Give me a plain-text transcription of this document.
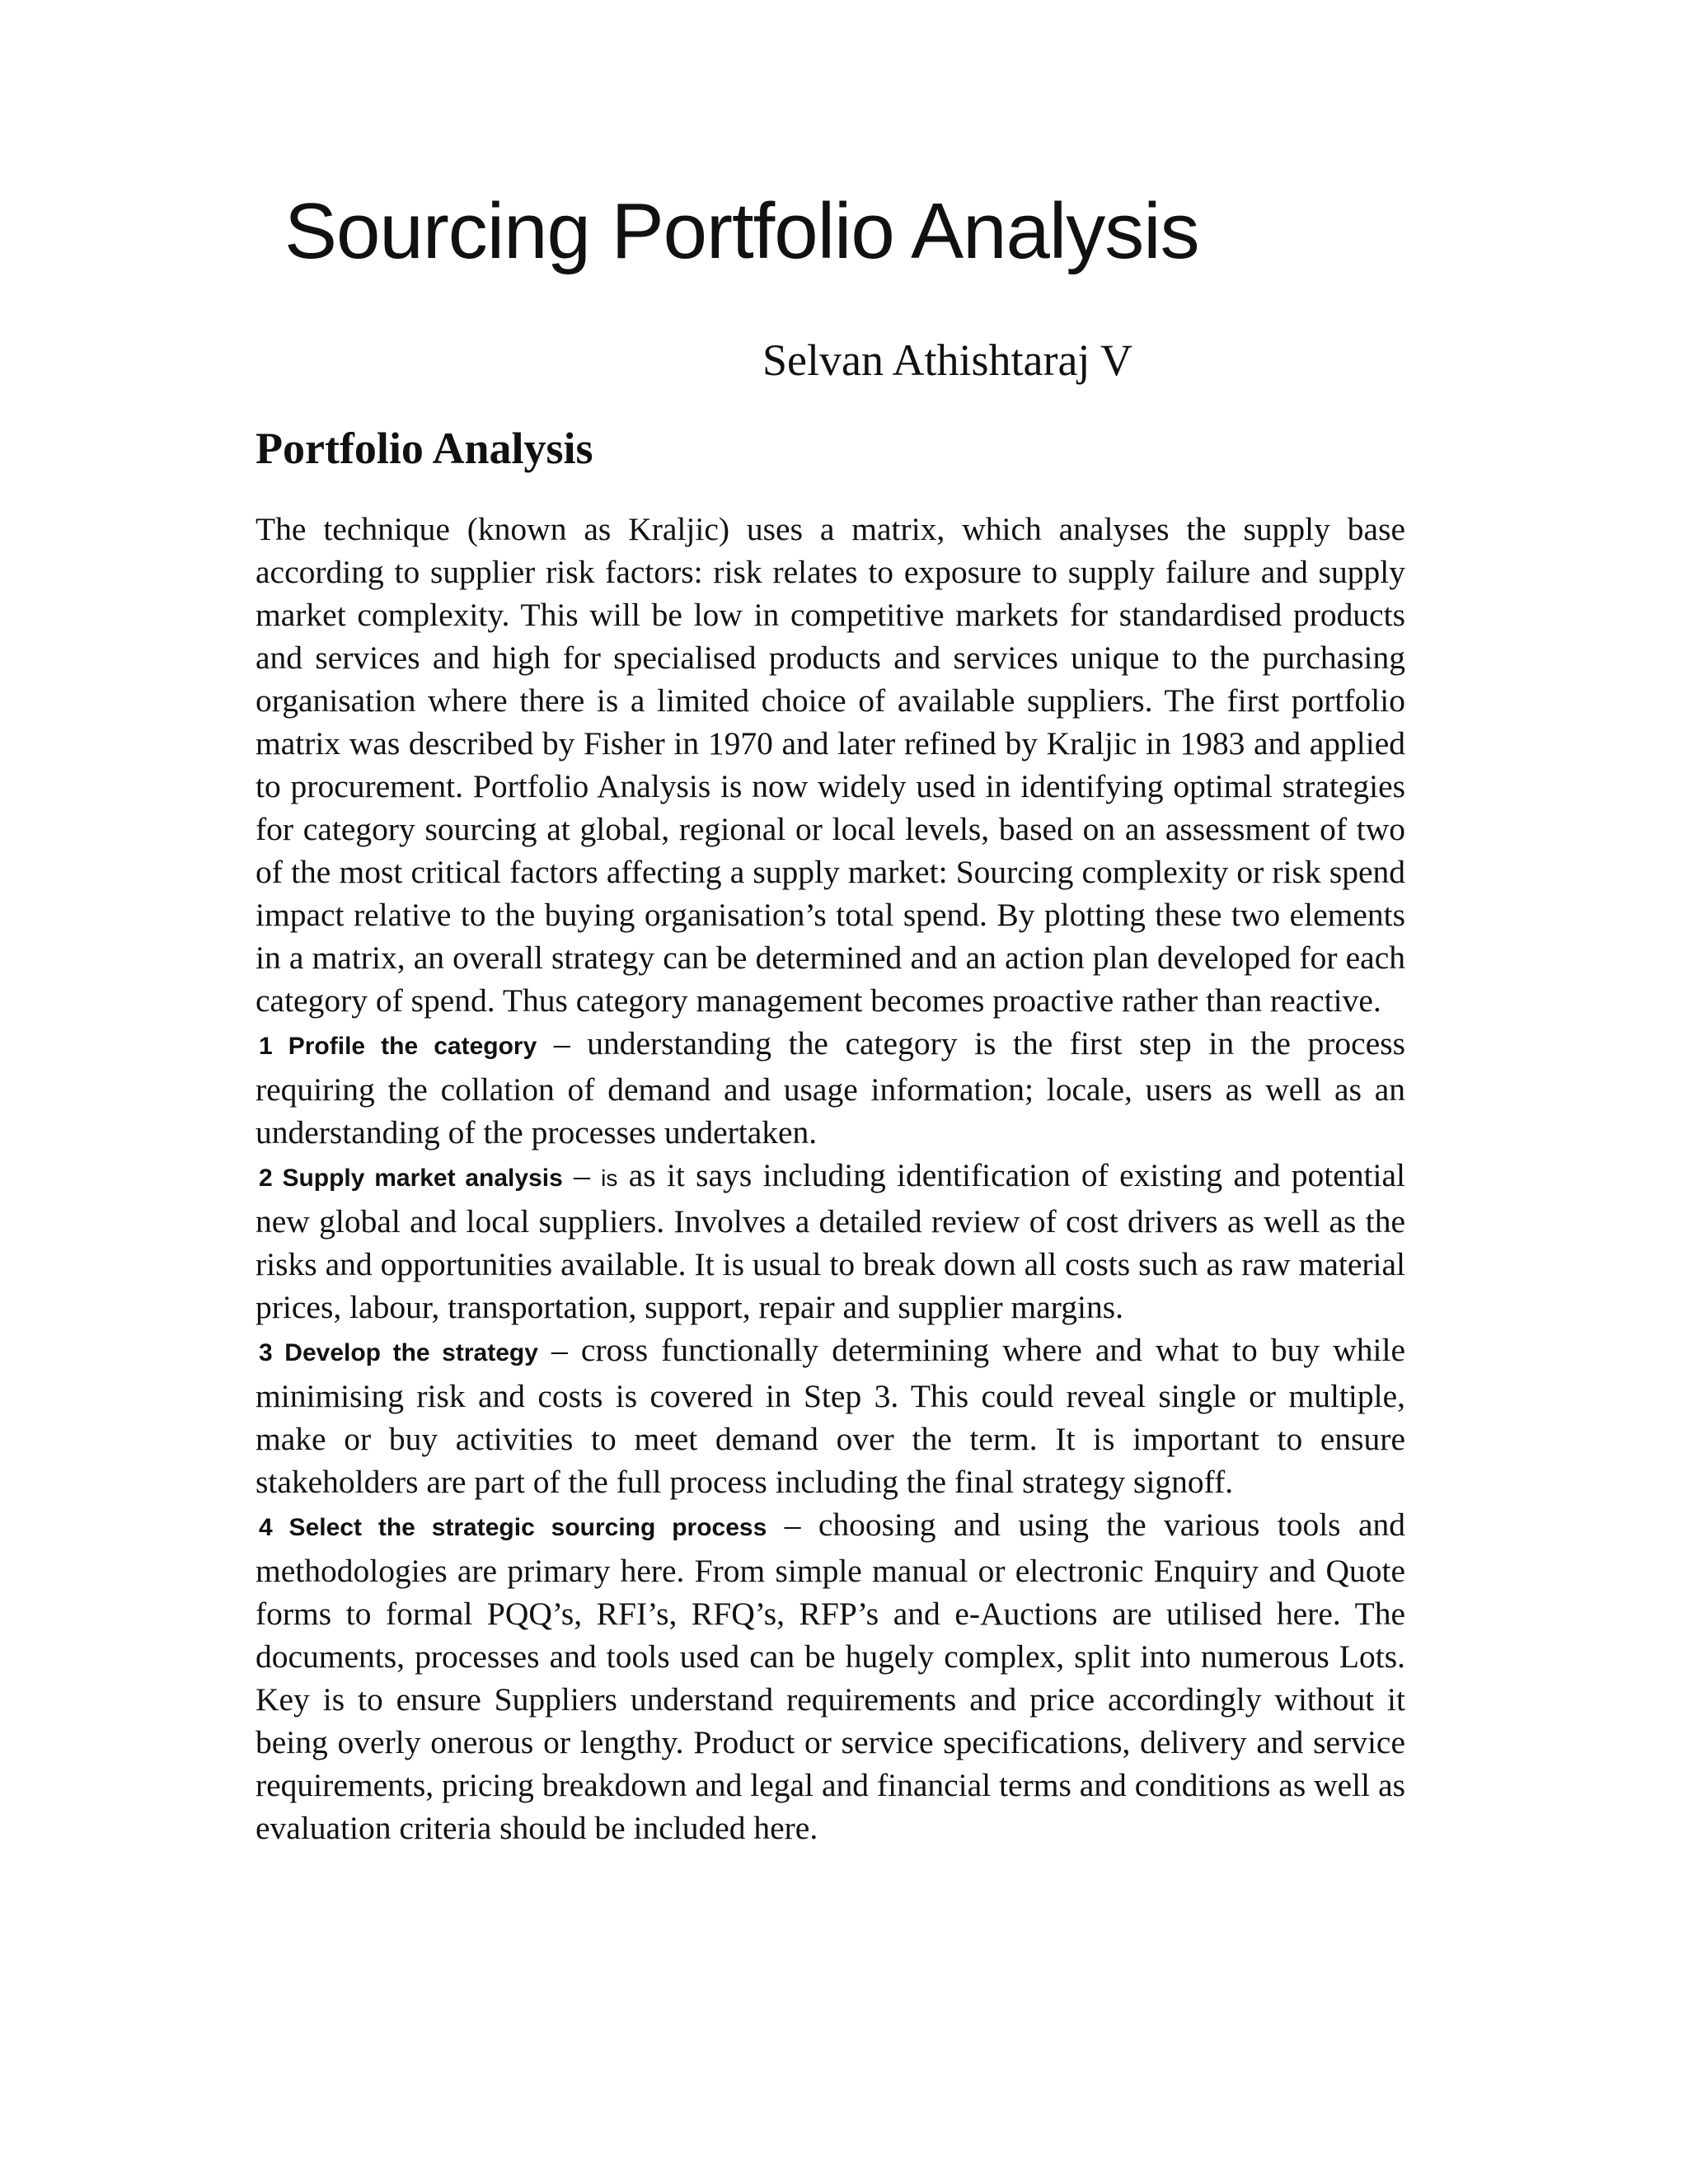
Sourcing Portfolio Analysis
Selvan Athishtaraj V
Portfolio Analysis

The technique (known as Kraljic) uses a matrix, which analyses the supply base according to supplier risk factors: risk relates to exposure to supply failure and supply market complexity. This will be low in competitive markets for standardised products and services and high for specialised products and services unique to the purchasing organisation where there is a limited choice of available suppliers. The first portfolio matrix was described by Fisher in 1970 and later refined by Kraljic in 1983 and applied to procurement. Portfolio Analysis is now widely used in identifying optimal strategies for category sourcing at global, regional or local levels, based on an assessment of two of the most critical factors affecting a supply market: Sourcing complexity or risk spend impact relative to the buying organisation’s total spend. By plotting these two elements in a matrix, an overall strategy can be determined and an action plan developed for each category of spend. Thus category management becomes proactive rather than reactive.

1 Profile the category – understanding the category is the first step in the process requiring the collation of demand and usage information; locale, users as well as an understanding of the processes undertaken.

2 Supply market analysis – is as it says including identification of existing and potential new global and local suppliers. Involves a detailed review of cost drivers as well as the risks and opportunities available. It is usual to break down all costs such as raw material prices, labour, transportation, support, repair and supplier margins.

3 Develop the strategy – cross functionally determining where and what to buy while minimising risk and costs is covered in Step 3. This could reveal single or multiple, make or buy activities to meet demand over the term. It is important to ensure stakeholders are part of the full process including the final strategy signoff.

4 Select the strategic sourcing process – choosing and using the various tools and methodologies are primary here. From simple manual or electronic Enquiry and Quote forms to formal PQQ’s, RFI’s, RFQ’s, RFP’s and e-Auctions are utilised here. The documents, processes and tools used can be hugely complex, split into numerous Lots. Key is to ensure Suppliers understand requirements and price accordingly without it being overly onerous or lengthy. Product or service specifications, delivery and service requirements, pricing breakdown and legal and financial terms and conditions as well as evaluation criteria should be included here.
